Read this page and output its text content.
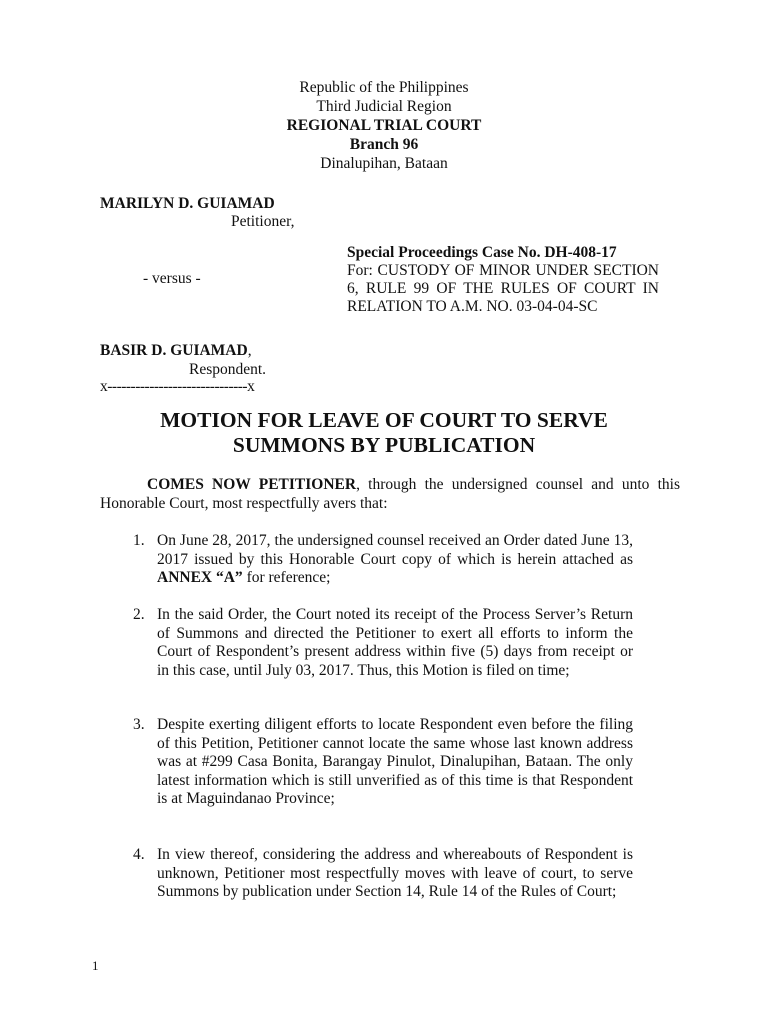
Republic of the Philippines
Third Judicial Region
REGIONAL TRIAL COURT
Branch 96
Dinalupihan, Bataan
MARILYN D. GUIAMAD
Petitioner,
- versus -
BASIR D. GUIAMAD,
Respondent.
x------------------------------x
Special Proceedings Case No. DH-408-17
For: CUSTODY OF MINOR UNDER SECTION 6, RULE 99 OF THE RULES OF COURT IN RELATION TO A.M. NO. 03-04-04-SC
MOTION FOR LEAVE OF COURT TO SERVE
SUMMONS BY PUBLICATION
COMES NOW PETITIONER, through the undersigned counsel and unto this Honorable Court, most respectfully avers that:
1. On June 28, 2017, the undersigned counsel received an Order dated June 13, 2017 issued by this Honorable Court copy of which is herein attached as ANNEX “A” for reference;
2. In the said Order, the Court noted its receipt of the Process Server’s Return of Summons and directed the Petitioner to exert all efforts to inform the Court of Respondent’s present address within five (5) days from receipt or in this case, until July 03, 2017. Thus, this Motion is filed on time;
3. Despite exerting diligent efforts to locate Respondent even before the filing of this Petition, Petitioner cannot locate the same whose last known address was at #299 Casa Bonita, Barangay Pinulot, Dinalupihan, Bataan. The only latest information which is still unverified as of this time is that Respondent is at Maguindanao Province;
4. In view thereof, considering the address and whereabouts of Respondent is unknown, Petitioner most respectfully moves with leave of court, to serve Summons by publication under Section 14, Rule 14 of the Rules of Court;
1
